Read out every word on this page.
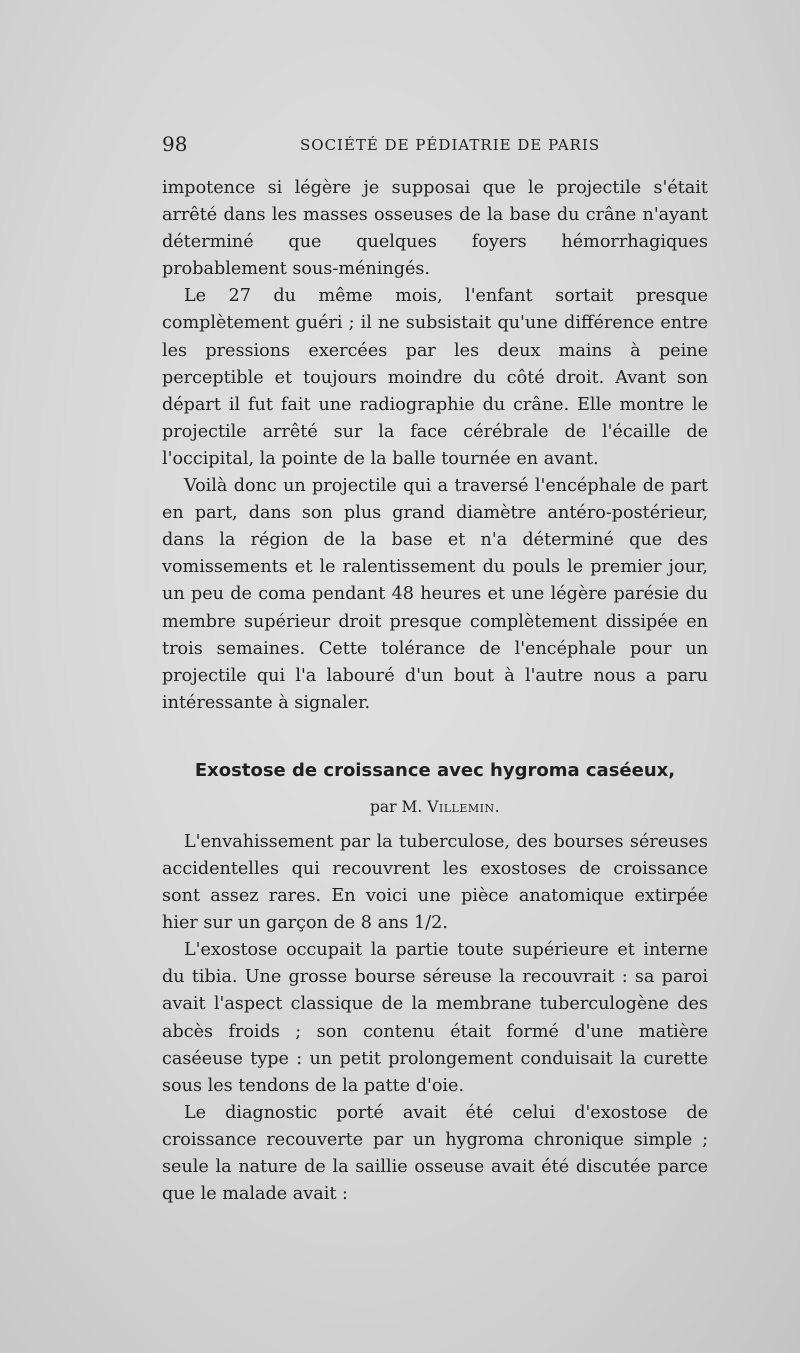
98	SOCIÉTÉ DE PÉDIATRIE DE PARIS

impotence si légère je supposai que le projectile s'était arrêté dans les masses osseuses de la base du crâne n'ayant déterminé que quelques foyers hémorrhagiques probablement sous-méningés.

Le 27 du même mois, l'enfant sortait presque complètement guéri ; il ne subsistait qu'une différence entre les pressions exercées par les deux mains à peine perceptible et toujours moindre du côté droit. Avant son départ il fut fait une radiographie du crâne. Elle montre le projectile arrêté sur la face cérébrale de l'écaille de l'occipital, la pointe de la balle tournée en avant.

Voilà donc un projectile qui a traversé l'encéphale de part en part, dans son plus grand diamètre antéro-postérieur, dans la région de la base et n'a déterminé que des vomissements et le ralentissement du pouls le premier jour, un peu de coma pendant 48 heures et une légère parésie du membre supérieur droit presque complètement dissipée en trois semaines. Cette tolérance de l'encéphale pour un projectile qui l'a labouré d'un bout à l'autre nous a paru intéressante à signaler.

Exostose de croissance avec hygroma caséeux,

par M. Villemin.

L'envahissement par la tuberculose, des bourses séreuses accidentelles qui recouvrent les exostoses de croissance sont assez rares. En voici une pièce anatomique extirpée hier sur un garçon de 8 ans 1/2.

L'exostose occupait la partie toute supérieure et interne du tibia. Une grosse bourse séreuse la recouvrait : sa paroi avait l'aspect classique de la membrane tuberculogène des abcès froids ; son contenu était formé d'une matière caséeuse type : un petit prolongement conduisait la curette sous les tendons de la patte d'oie.

Le diagnostic porté avait été celui d'exostose de croissance recouverte par un hygroma chronique simple ; seule la nature de la saillie osseuse avait été discutée parce que le malade avait :
